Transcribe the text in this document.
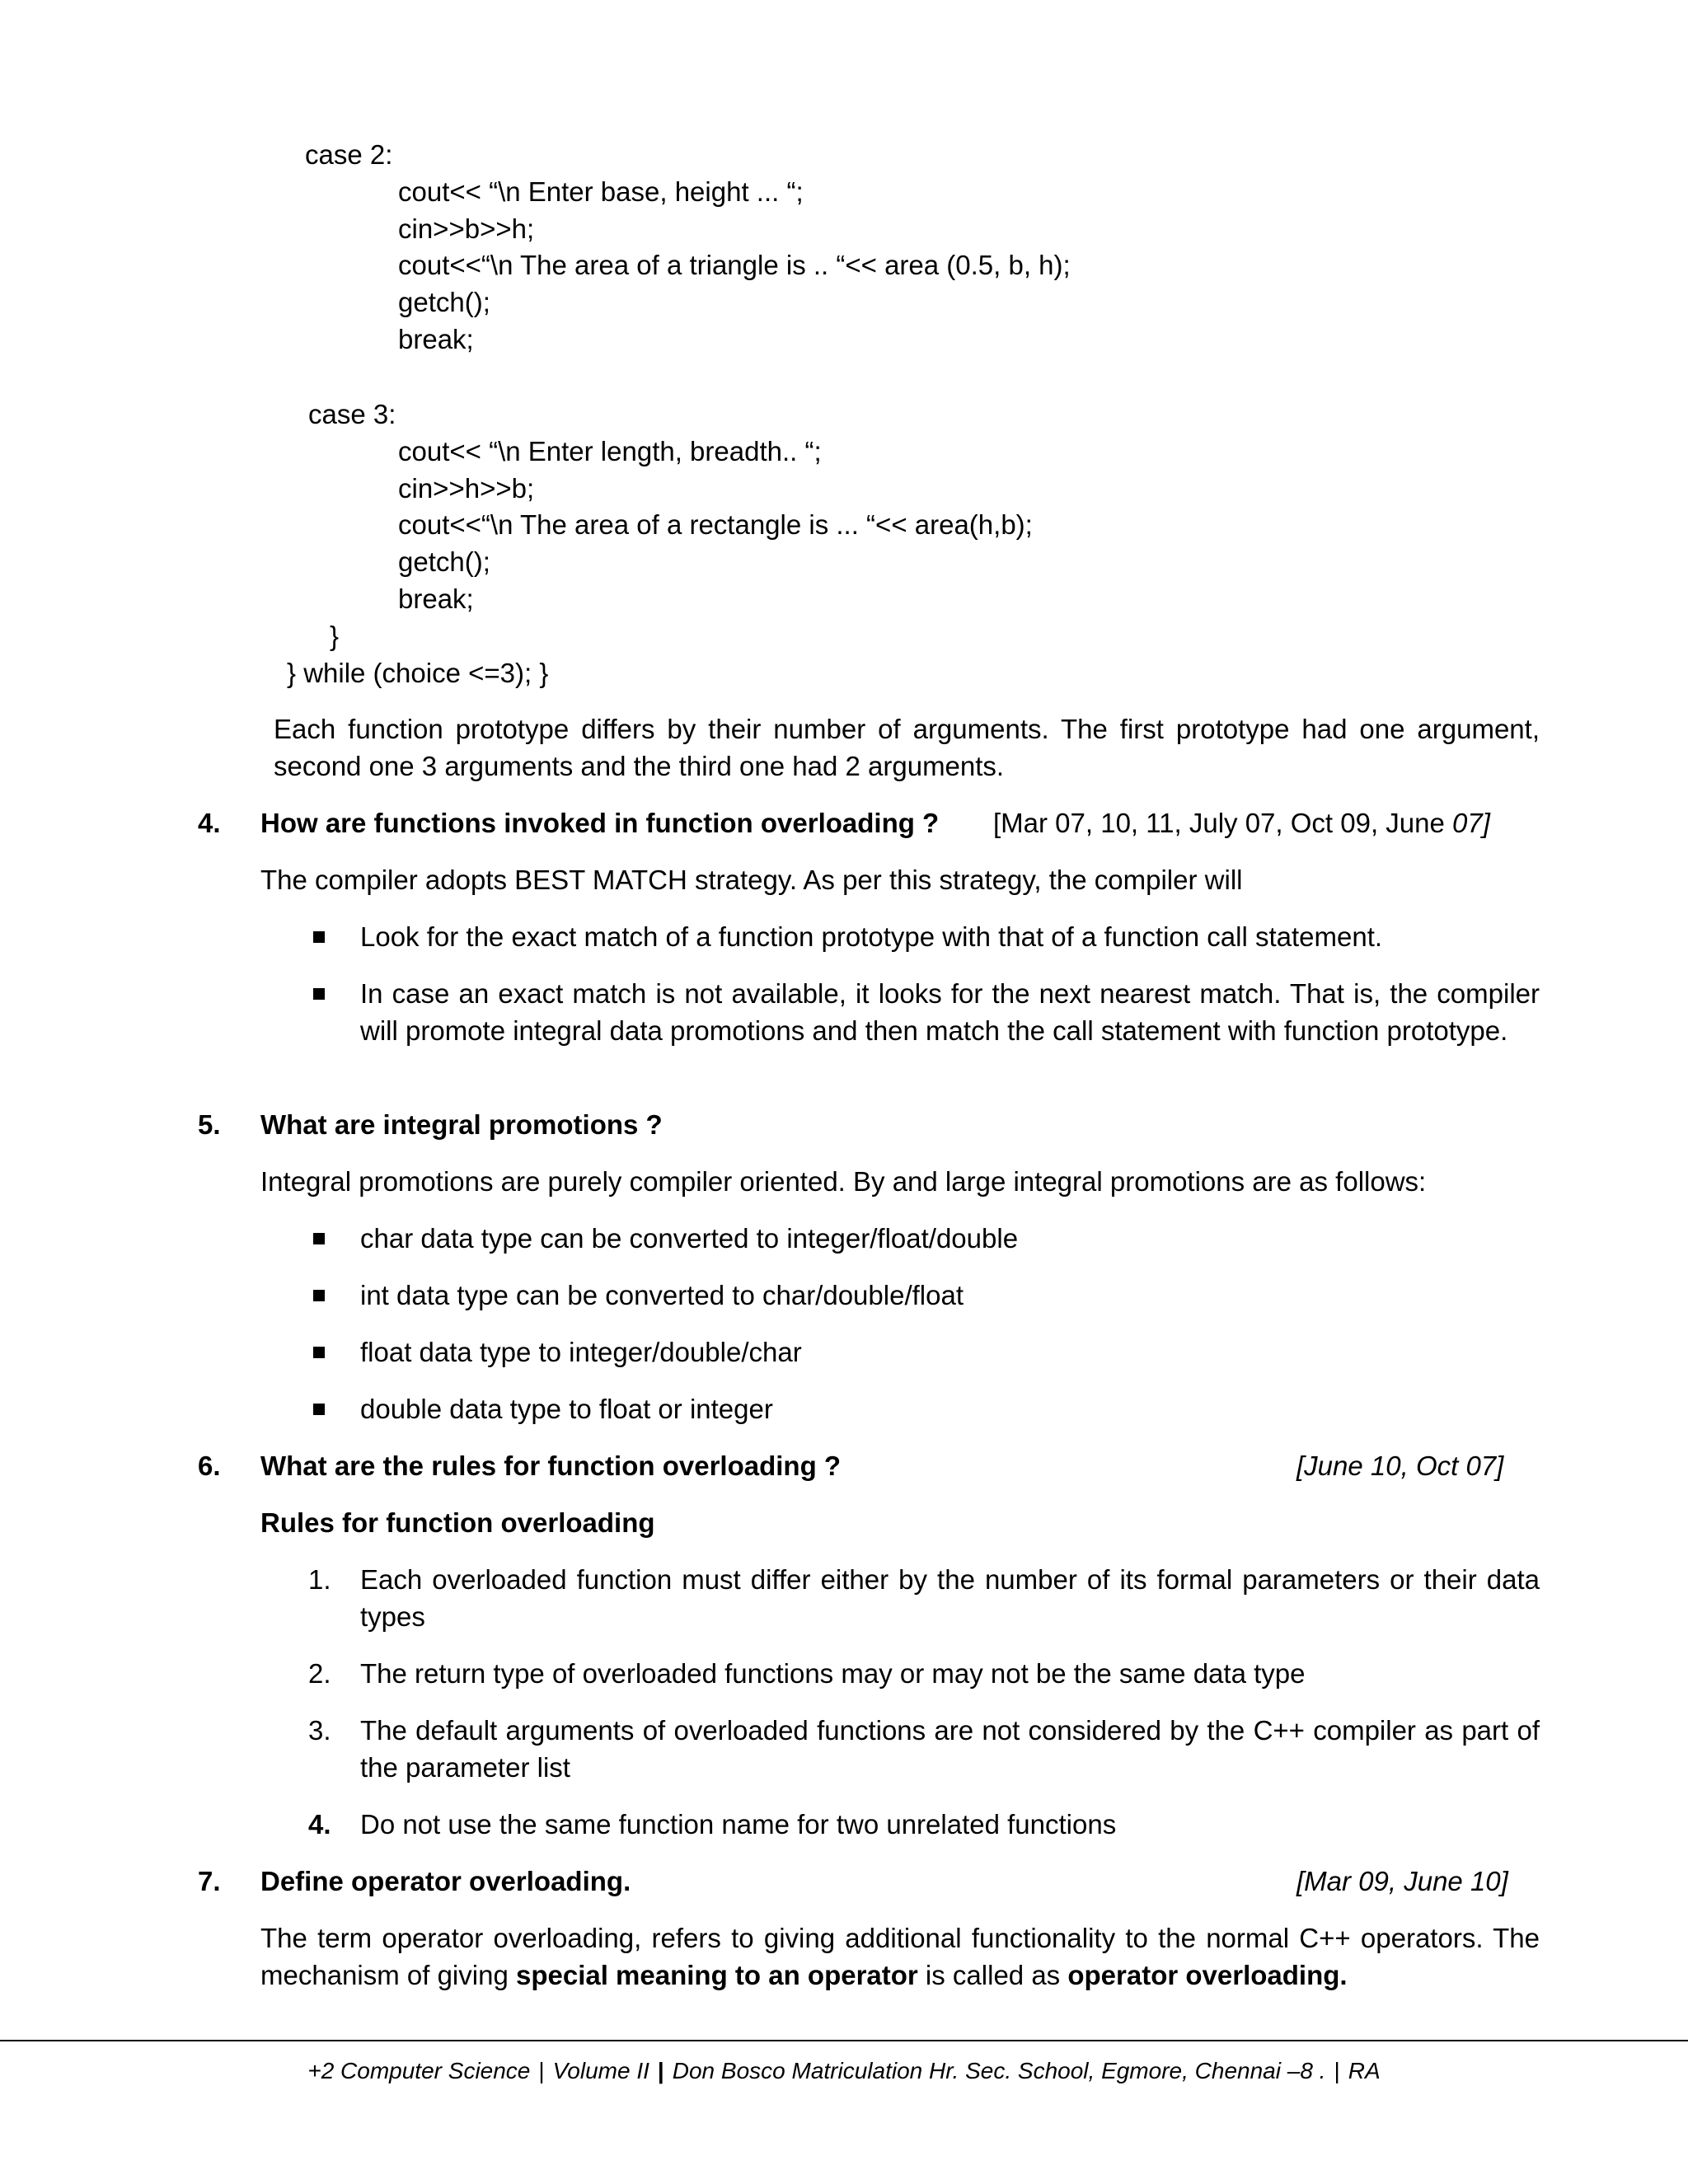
case 2:
cout<< “\n Enter base, height ... “;
cin>>b>>h;
cout<<“\n The area of a triangle is .. “<< area (0.5, b, h);
getch();
break;
case 3:
cout<< “\n Enter length, breadth.. “;
cin>>h>>b;
cout<<“\n The area of a rectangle is ... “<< area(h,b);
getch();
break;
}
} while (choice <=3); }
Each function prototype differs by their number of arguments. The first prototype had one argument, second one 3 arguments and the third one had 2 arguments.
4. How are functions invoked in function overloading ? [Mar 07, 10, 11, July 07, Oct 09, June 07]
The compiler adopts BEST MATCH strategy. As per this strategy, the compiler will
Look for the exact match of a function prototype with that of a function call statement.
In case an exact match is not available, it looks for the next nearest match. That is, the compiler will promote integral data promotions and then match the call statement with function prototype.
5. What are integral promotions ?
Integral promotions are purely compiler oriented. By and large integral promotions are as follows:
char data type can be converted to integer/float/double
int data type can be converted to char/double/float
float data type to integer/double/char
double data type to float or integer
6. What are the rules for function overloading ?	[June 10, Oct 07]
Rules for function overloading
1. Each overloaded function must differ either by the number of its formal parameters or their data types
2. The return type of overloaded functions may or may not be the same data type
3. The default arguments of overloaded functions are not considered by the C++ compiler as part of the parameter list
4. Do not use the same function name for two unrelated functions
7. Define operator overloading.	[Mar 09, June 10]
The term operator overloading, refers to giving additional functionality to the normal C++ operators. The mechanism of giving special meaning to an operator is called as operator overloading.
+2 Computer Science | Volume II | Don Bosco Matriculation Hr. Sec. School, Egmore, Chennai –8 . | RA
